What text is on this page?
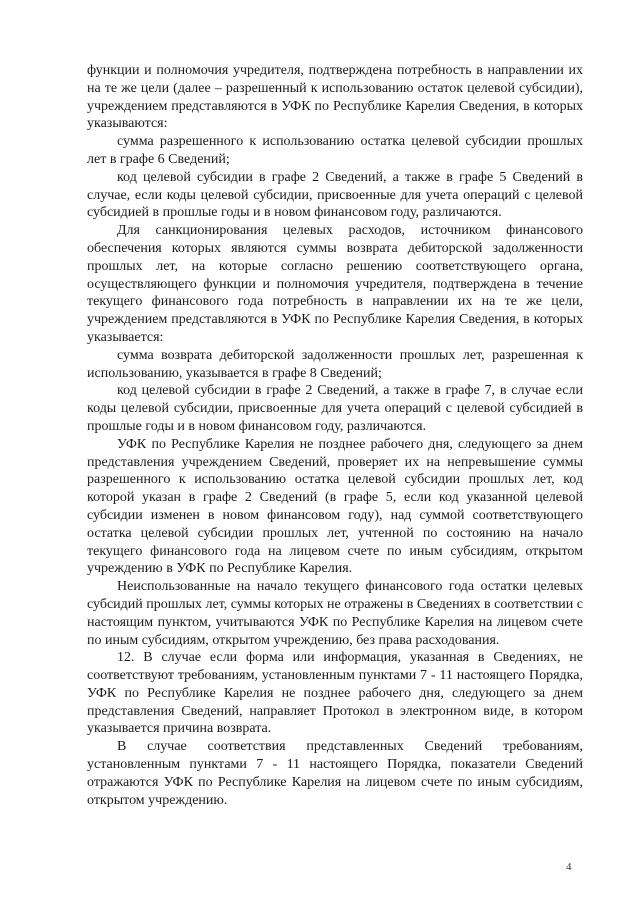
функции и полномочия учредителя, подтверждена потребность в направлении их на те же цели (далее – разрешенный к использованию остаток целевой субсидии), учреждением представляются в УФК по Республике Карелия Сведения, в которых указываются:

сумма разрешенного к использованию остатка целевой субсидии прошлых лет в графе 6 Сведений;

код целевой субсидии в графе 2 Сведений, а также в графе 5 Сведений в случае, если коды целевой субсидии, присвоенные для учета операций с целевой субсидией в прошлые годы и в новом финансовом году, различаются.

Для санкционирования целевых расходов, источником финансового обеспечения которых являются суммы возврата дебиторской задолженности прошлых лет, на которые согласно решению соответствующего органа, осуществляющего функции и полномочия учредителя, подтверждена в течение текущего финансового года потребность в направлении их на те же цели, учреждением представляются в УФК по Республике Карелия Сведения, в которых указывается:

сумма возврата дебиторской задолженности прошлых лет, разрешенная к использованию, указывается в графе 8 Сведений;

код целевой субсидии в графе 2 Сведений, а также в графе 7, в случае если коды целевой субсидии, присвоенные для учета операций с целевой субсидией в прошлые годы и в новом финансовом году, различаются.

УФК по Республике Карелия не позднее рабочего дня, следующего за днем представления учреждением Сведений, проверяет их на непревышение суммы разрешенного к использованию остатка целевой субсидии прошлых лет, код которой указан в графе 2 Сведений (в графе 5, если код указанной целевой субсидии изменен в новом финансовом году), над суммой соответствующего остатка целевой субсидии прошлых лет, учтенной по состоянию на начало текущего финансового года на лицевом счете по иным субсидиям, открытом учреждению в УФК по Республике Карелия.

Неиспользованные на начало текущего финансового года остатки целевых субсидий прошлых лет, суммы которых не отражены в Сведениях в соответствии с настоящим пунктом, учитываются УФК по Республике Карелия на лицевом счете по иным субсидиям, открытом учреждению, без права расходования.

12. В случае если форма или информация, указанная в Сведениях, не соответствуют требованиям, установленным пунктами 7 - 11 настоящего Порядка, УФК по Республике Карелия не позднее рабочего дня, следующего за днем представления Сведений, направляет Протокол в электронном виде, в котором указывается причина возврата.

В случае соответствия представленных Сведений требованиям, установленным пунктами 7 - 11 настоящего Порядка, показатели Сведений отражаются УФК по Республике Карелия на лицевом счете по иным субсидиям, открытом учреждению.

4
